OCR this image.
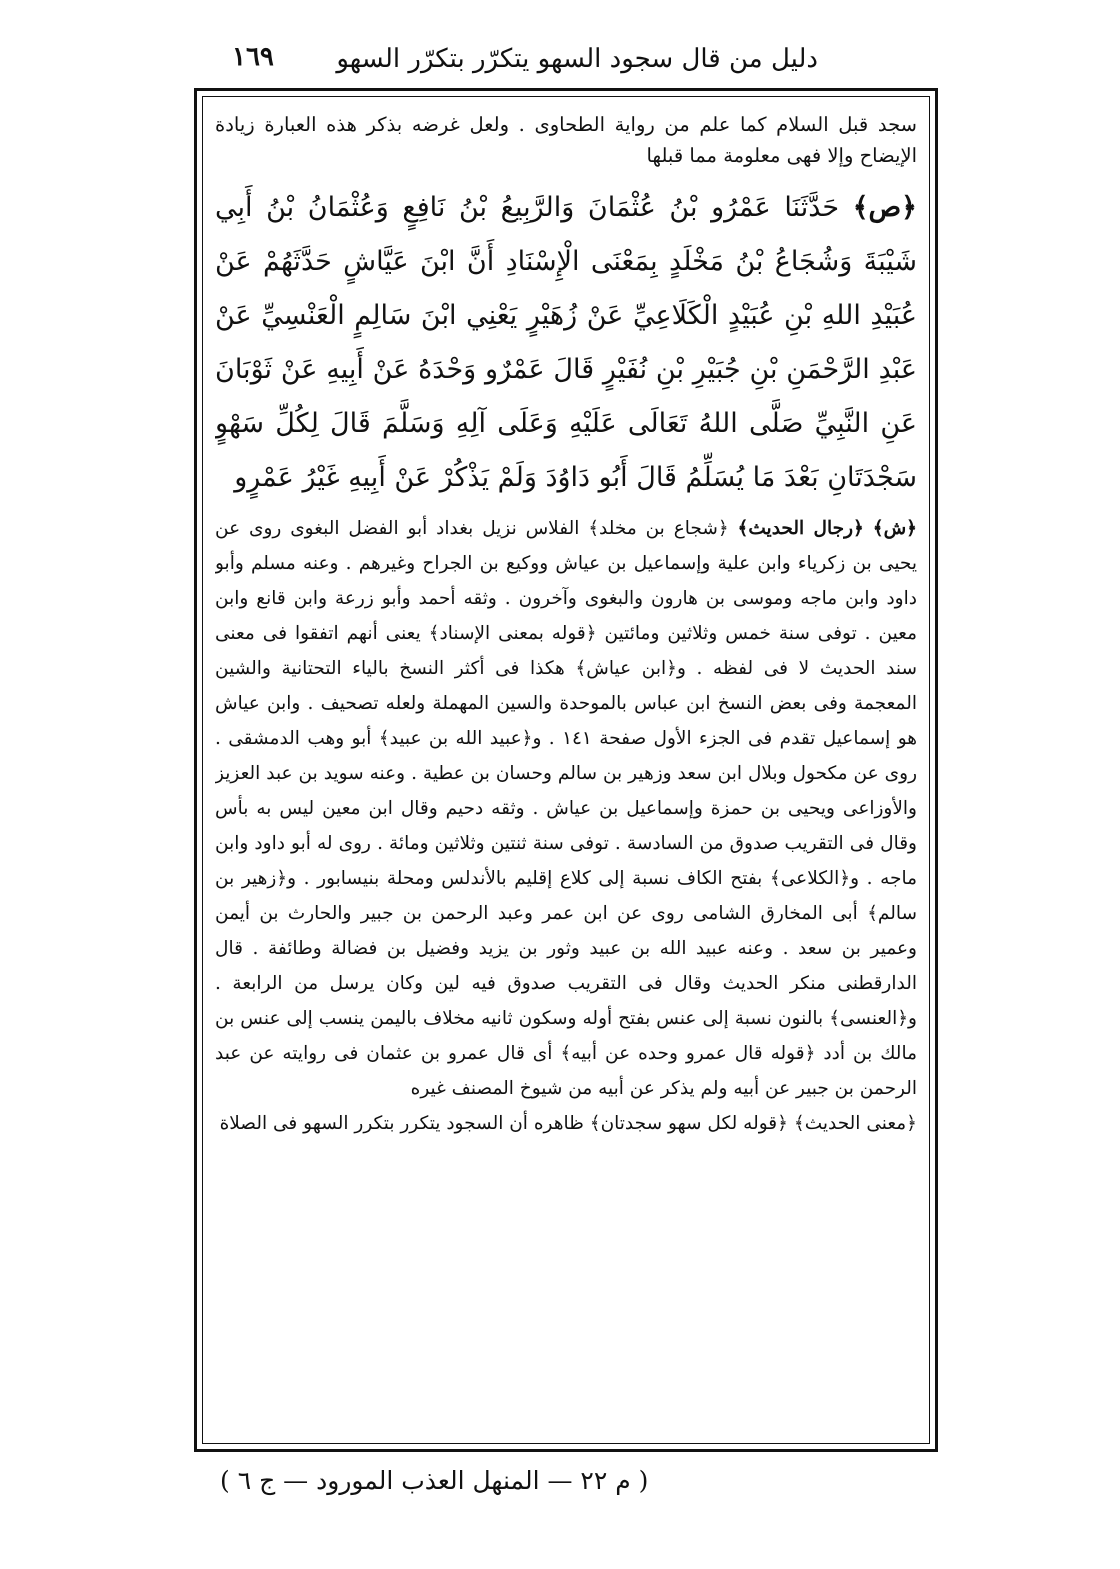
١٦٩ دليل من قال سجود السهو يتكرّر بتكرّر السهو

سجد قبل السلام كما علم من رواية الطحاوى . ولعل غرضه بذكر هذه العبارة زيادة الإيضاح وإلا فهى معلومة مما قبلها

﴿ص﴾ حَدَّثَنَا عَمْرُو بْنُ عُثْمَانَ وَالرَّبِيعُ بْنُ نَافِعٍ وَعُثْمَانُ بْنُ أَبِي شَيْبَةَ وَشُجَاعُ بْنُ مَخْلَدٍ بِمَعْنَى الْإِسْنَادِ أَنَّ ابْنَ عَيَّاشٍ حَدَّثَهُمْ عَنْ عُبَيْدِ اللهِ بْنِ عُبَيْدٍ الْكَلَاعِيِّ عَنْ زُهَيْرٍ يَعْنِي ابْنَ سَالِمٍ الْعَنْسِيِّ عَنْ عَبْدِ الرَّحْمَنِ بْنِ جُبَيْرِ بْنِ نُفَيْرٍ قَالَ عَمْرٌو وَحْدَهُ عَنْ أَبِيهِ عَنْ ثَوْبَانَ عَنِ النَّبِيِّ صَلَّى اللهُ تَعَالَى عَلَيْهِ وَعَلَى آلِهِ وَسَلَّمَ قَالَ لِكُلِّ سَهْوٍ سَجْدَتَانِ بَعْدَ مَا يُسَلِّمُ قَالَ أَبُو دَاوُدَ وَلَمْ يَذْكُرْ عَنْ أَبِيهِ غَيْرُ عَمْرٍو

﴿ش﴾ ﴿رجال الحديث﴾ ﴿شجاع بن مخلد﴾ الفلاس نزيل بغداد أبو الفضل البغوى روى عن يحيى بن زكرياء وابن علية وإسماعيل بن عياش ووكيع بن الجراح وغيرهم . وعنه مسلم وأبو داود وابن ماجه وموسى بن هارون والبغوى وآخرون . وثقه أحمد وأبو زرعة وابن قانع وابن معين . توفى سنة خمس وثلاثين ومائتين ﴿قوله بمعنى الإسناد﴾ يعنى أنهم اتفقوا فى معنى سند الحديث لا فى لفظه . و﴿ابن عياش﴾ هكذا فى أكثر النسخ بالياء التحتانية والشين المعجمة وفى بعض النسخ ابن عباس بالموحدة والسين المهملة ولعله تصحيف . وابن عياش هو إسماعيل تقدم فى الجزء الأول صفحة ١٤١ . و﴿عبيد الله بن عبيد﴾ أبو وهب الدمشقى . روى عن مكحول وبلال ابن سعد وزهير بن سالم وحسان بن عطية . وعنه سويد بن عبد العزيز والأوزاعى ويحيى بن حمزة وإسماعيل بن عياش . وثقه دحيم وقال ابن معين ليس به بأس وقال فى التقريب صدوق من السادسة . توفى سنة ثنتين وثلاثين ومائة . روى له أبو داود وابن ماجه . و﴿الكلاعى﴾ بفتح الكاف نسبة إلى كلاع إقليم بالأندلس ومحلة بنيسابور . و﴿زهير بن سالم﴾ أبى المخارق الشامى روى عن ابن عمر وعبد الرحمن بن جبير والحارث بن أيمن وعمير بن سعد . وعنه عبيد الله بن عبيد وثور بن يزيد وفضيل بن فضالة وطائفة . قال الدارقطنى منكر الحديث وقال فى التقريب صدوق فيه لين وكان يرسل من الرابعة . و﴿العنسى﴾ بالنون نسبة إلى عنس بفتح أوله وسكون ثانيه مخلاف باليمن ينسب إلى عنس بن مالك بن أدد ﴿قوله قال عمرو وحده عن أبيه﴾ أى قال عمرو بن عثمان فى روايته عن عبد الرحمن بن جبير عن أبيه ولم يذكر عن أبيه من شيوخ المصنف غيره
﴿معنى الحديث﴾ ﴿قوله لكل سهو سجدتان﴾ ظاهره أن السجود يتكرر بتكرر السهو فى الصلاة

( م ٢٢ — المنهل العذب المورود — ج ٦ )
